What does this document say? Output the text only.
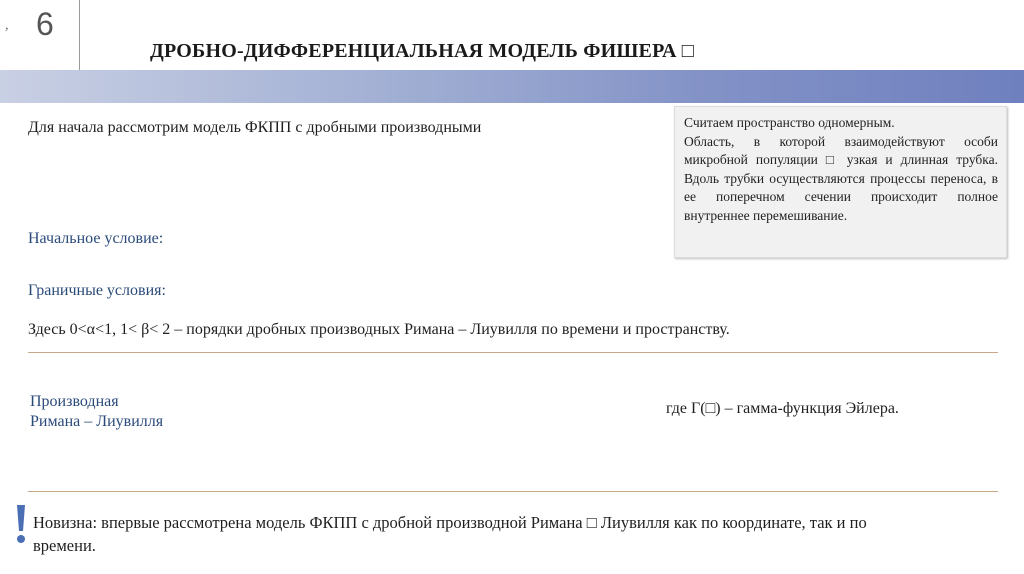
, 6
ДРОБНО-ДИФФЕРЕНЦИАЛЬНАЯ МОДЕЛЬ ФИШЕРА □
Для начала рассмотрим модель ФКПП с дробными производными	Считаем пространство одномерным.
Область, в которой взаимодействуют особи микробной популяции □ узкая и длинная трубка. Вдоль трубки осуществляются процессы переноса, в ее поперечном сечении происходит полное внутреннее перемешивание.
Начальное условие:
Граничные условия:
Здесь 0<α<1, 1< β< 2 – порядки дробных производных Римана – Лиувилля по времени и пространству.
Производная
Римана – Лиувилля
где Г(□) – гамма-функция Эйлера.
Новизна: впервые рассмотрена модель ФКПП с дробной производной Римана □ Лиувилля как по координате, так и по времени.
